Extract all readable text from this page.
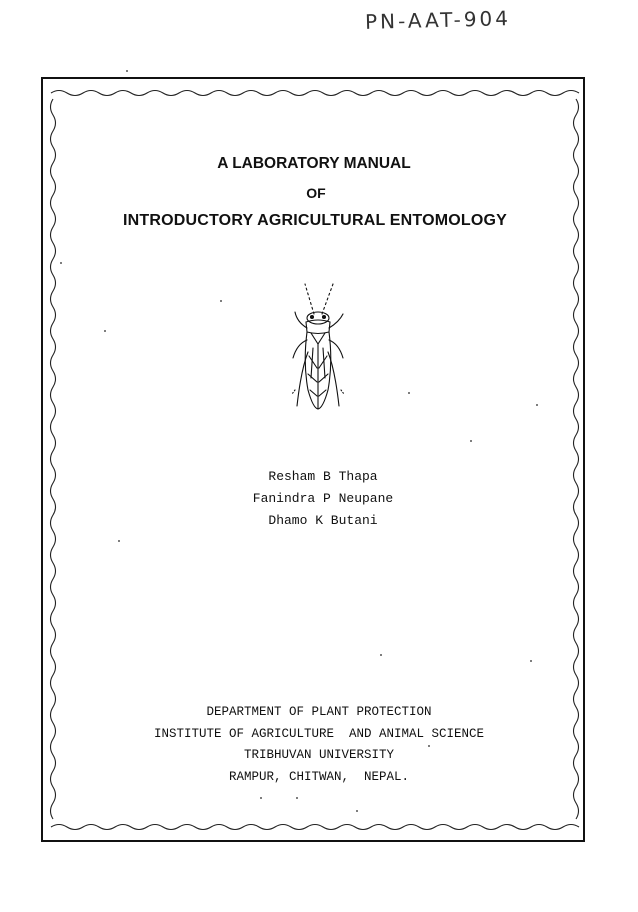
PN-AAT-904
A LABORATORY MANUAL
OF
INTRODUCTORY AGRICULTURAL ENTOMOLOGY
Resham B Thapa
Fanindra P Neupane
Dhamo K Butani
DEPARTMENT OF PLANT PROTECTION
INSTITUTE OF AGRICULTURE  AND ANIMAL SCIENCE
TRIBHUVAN UNIVERSITY
RAMPUR, CHITWAN,  NEPAL.
